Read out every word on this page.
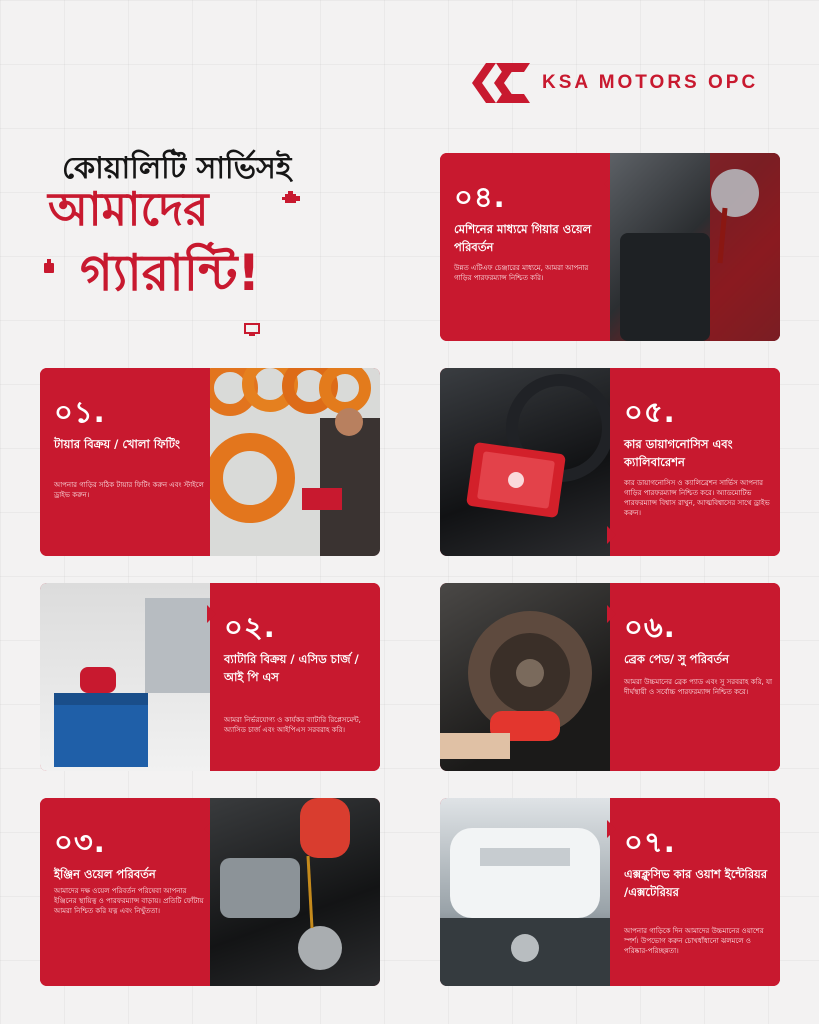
KSA MOTORS OPC
কোয়ালিটি সার্ভিসই
আমাদের
গ্যারান্টি!
০৪.
মেশিনের মাধ্যমে গিয়ার ওয়েল পরিবর্তন
উন্নত এটিএফ চেঞ্জারের মাধ্যমে, আমরা আপনার গাড়ির পারফরম্যান্স নিশ্চিত করি।
০১.
টায়ার বিক্রয় / খোলা ফিটিং
আপনার গাড়ির সঠিক টায়ার ফিটিং করুন এবং স্টাইলে ড্রাইভ করুন।
০৫.
কার ডায়াগনোসিস এবং ক্যালিবারেশন
কার ডায়াগনোসিস ও ক্যালিব্রেশন সার্ভিস আপনার গাড়ির পারফরম্যান্স নিশ্চিত করে। অ্যাডমোটিভ পারফরম্যান্স বিশ্বাস রাখুন, আত্মবিশ্বাসের সাথে ড্রাইভ করুন।
০২.
ব্যাটারি বিক্রয় / এসিড চার্জ / আই পি এস
আমরা নির্ভরযোগ্য ও কার্যকর ব্যাটারি রিপ্লেসমেন্ট, অ্যাসিড চার্জ এবং আইপিএস সরবরাহ করি।
০৬.
ব্রেক পেড/ সু পরিবর্তন
আমরা উচ্চমানের ব্রেক প্যাড এবং সু সরবরাহ করি, যা দীর্ঘস্থায়ী ও সর্বোচ্চ পারফরম্যান্স নিশ্চিত করে।
০৩.
ইঞ্জিন ওয়েল পরিবর্তন
আমাদের দক্ষ ওয়েল পরিবর্তন পরিষেবা আপনার ইঞ্জিনের স্থায়িত্ব ও পারফরম্যান্স বাড়ায়। প্রতিটি ফোঁটায় আমরা নিশ্চিত করি যত্ন এবং নিখুঁততা।
০৭.
এক্সক্লুসিভ কার ওয়াশ ইন্টেরিয়র /এক্সটেরিয়র
আপনার গাড়িকে দিন আমাদের উচ্চমানের ওয়াশের স্পর্শ। উপভোগ করুন চোখধাঁধানো ঝলমলে ও পরিষ্কার-পরিচ্ছন্নতা।
